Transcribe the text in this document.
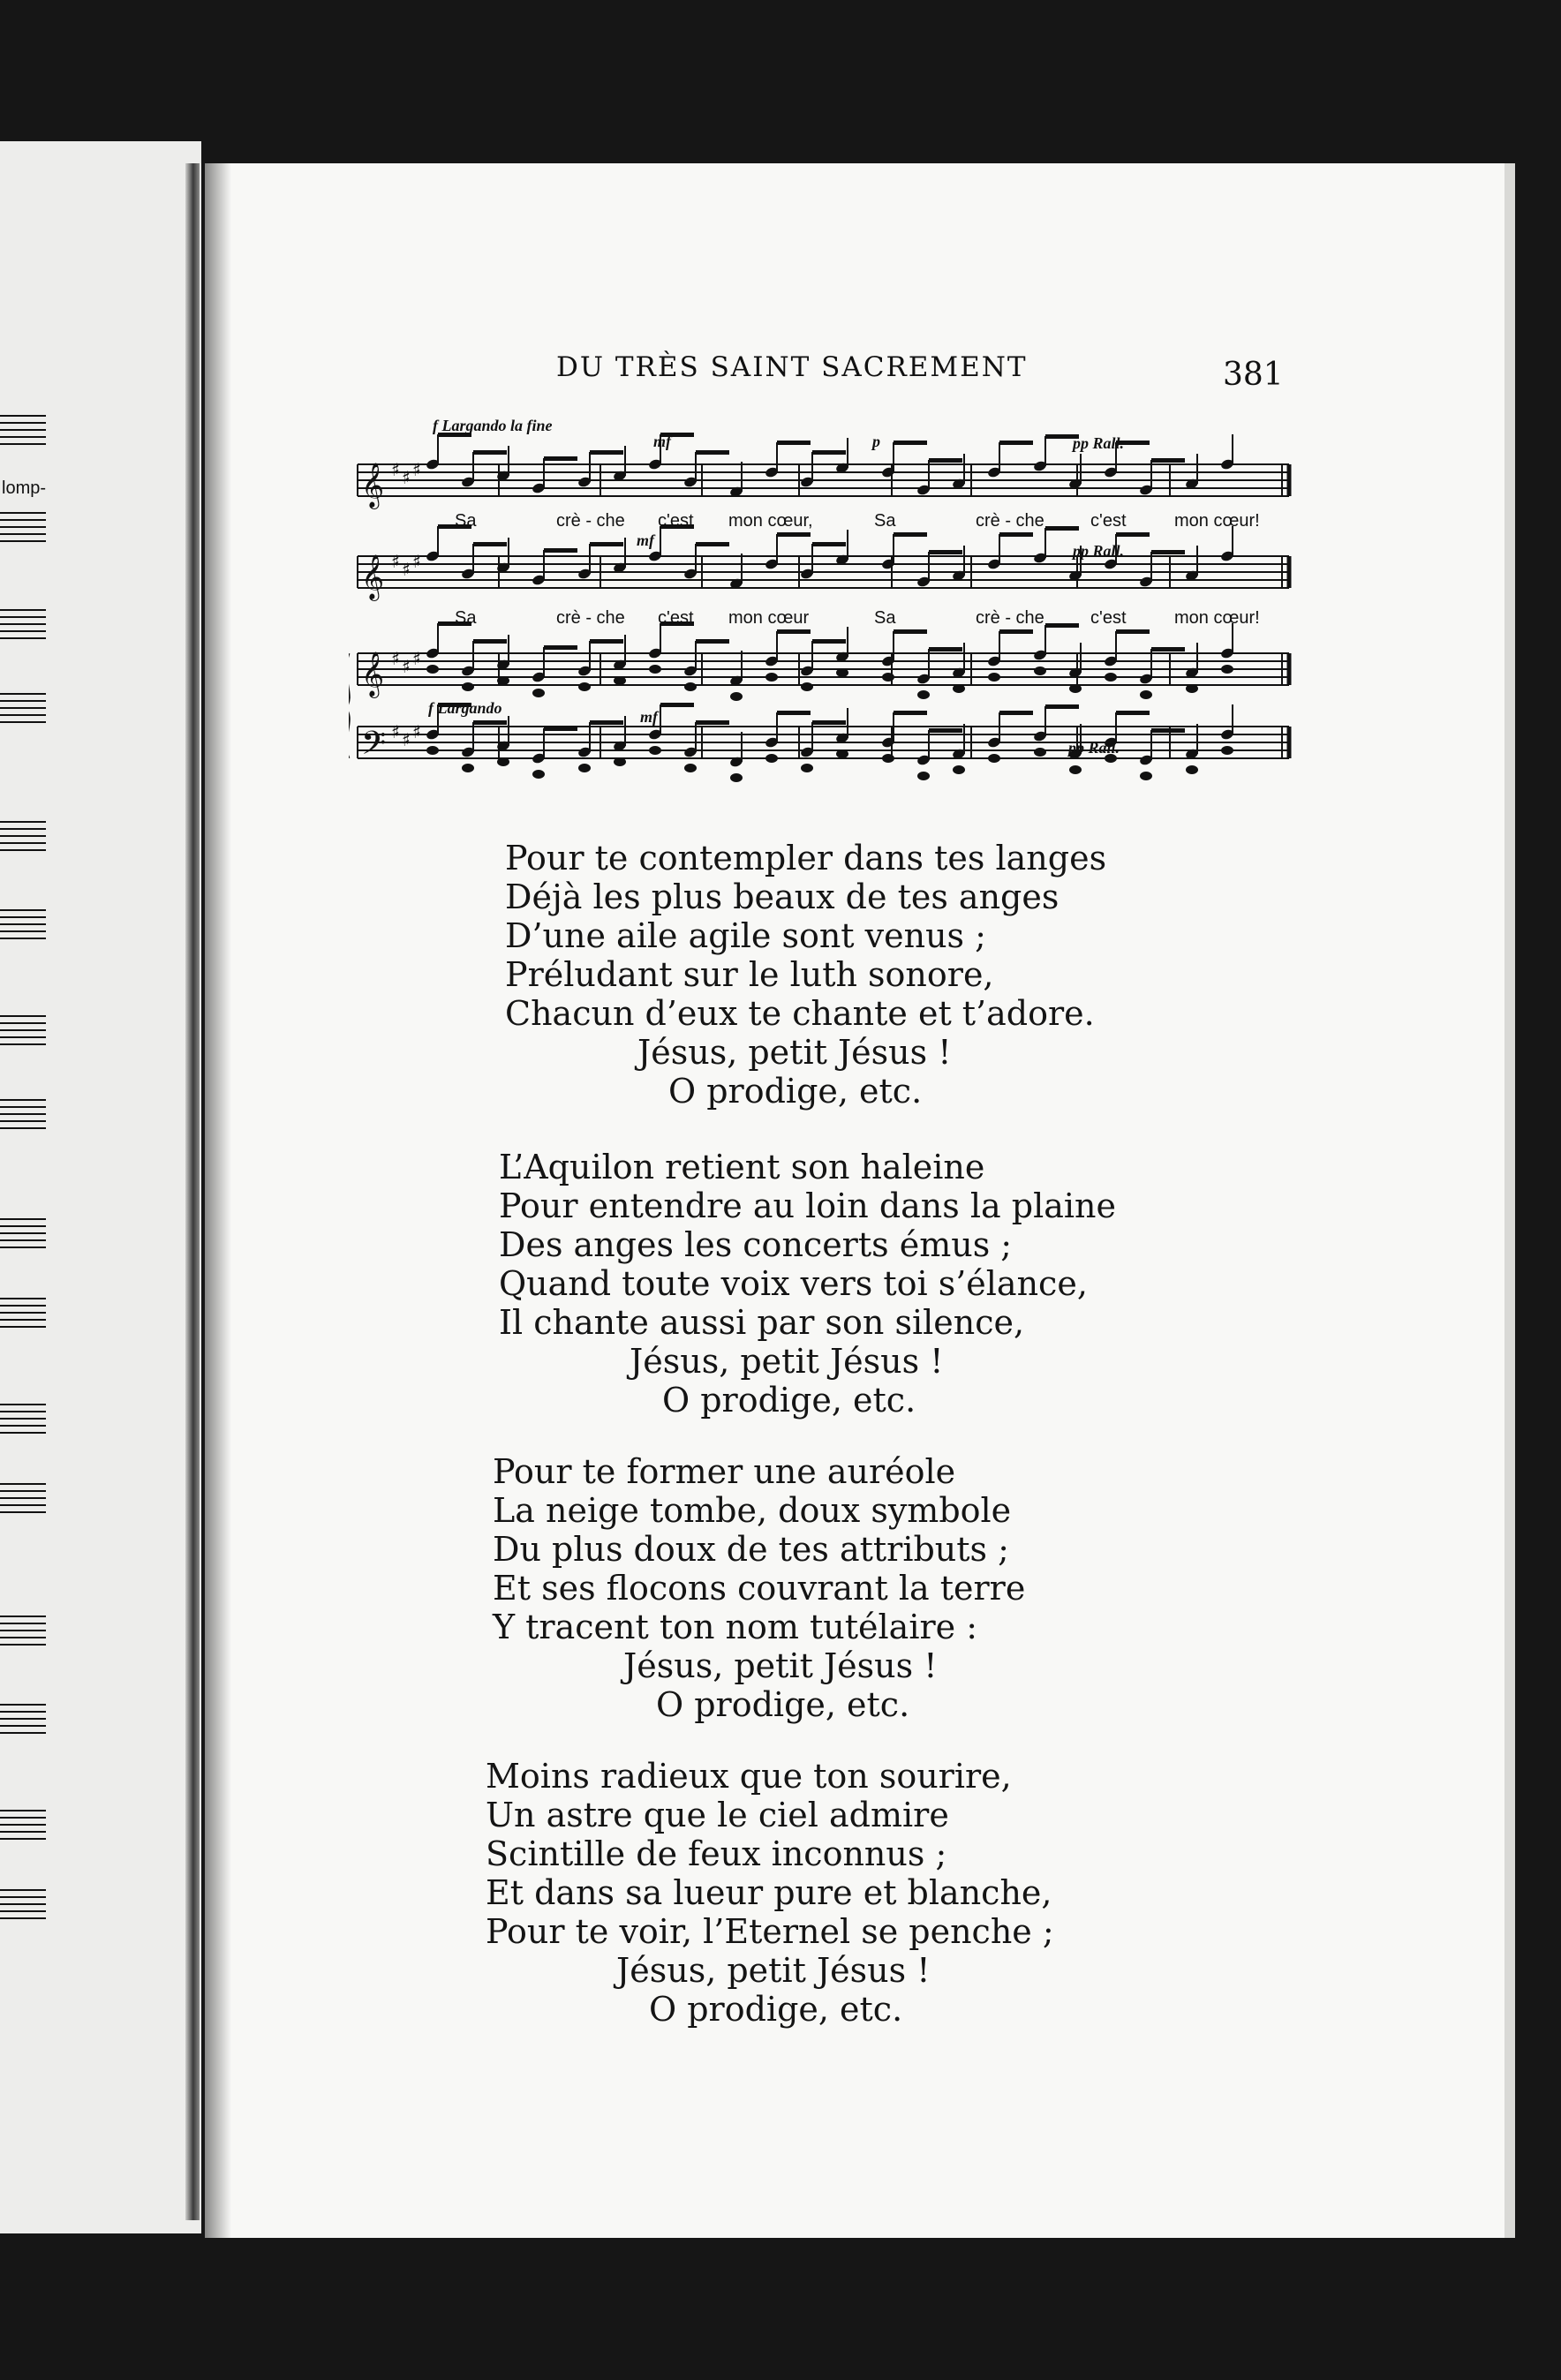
lomp-
DU TRÈS SAINT SACREMENT	381
𝄞 ♯ ♯ ♯
𝄞 ♯ ♯ ♯
𝄞 ♯ ♯ ♯
𝄢 ♯ ♯ ♯
f Largando la fine
mf	p	pp Rall.
mf
pp Rall.
f Largando	mf
pp Rall.
Sa	crè - che c'est mon cœur,	Sa	crè - che	c'est	mon cœur!
Sa	crè - che c'est mon cœur	Sa	crè - che	c'est	mon cœur!
Pour te contempler dans tes langes
Déjà les plus beaux de tes anges
D’une aile agile sont venus ;
Préludant sur le luth sonore,
Chacun d’eux te chante et t’adore.
Jésus, petit Jésus !
O prodige, etc.
L’Aquilon retient son haleine
Pour entendre au loin dans la plaine
Des anges les concerts émus ;
Quand toute voix vers toi s’élance,
Il chante aussi par son silence,
Jésus, petit Jésus !
O prodige, etc.
Pour te former une auréole
La neige tombe, doux symbole
Du plus doux de tes attributs ;
Et ses flocons couvrant la terre
Y tracent ton nom tutélaire :
Jésus, petit Jésus !
O prodige, etc.
Moins radieux que ton sourire,
Un astre que le ciel admire
Scintille de feux inconnus ;
Et dans sa lueur pure et blanche,
Pour te voir, l’Eternel se penche ;
Jésus, petit Jésus !
O prodige, etc.
